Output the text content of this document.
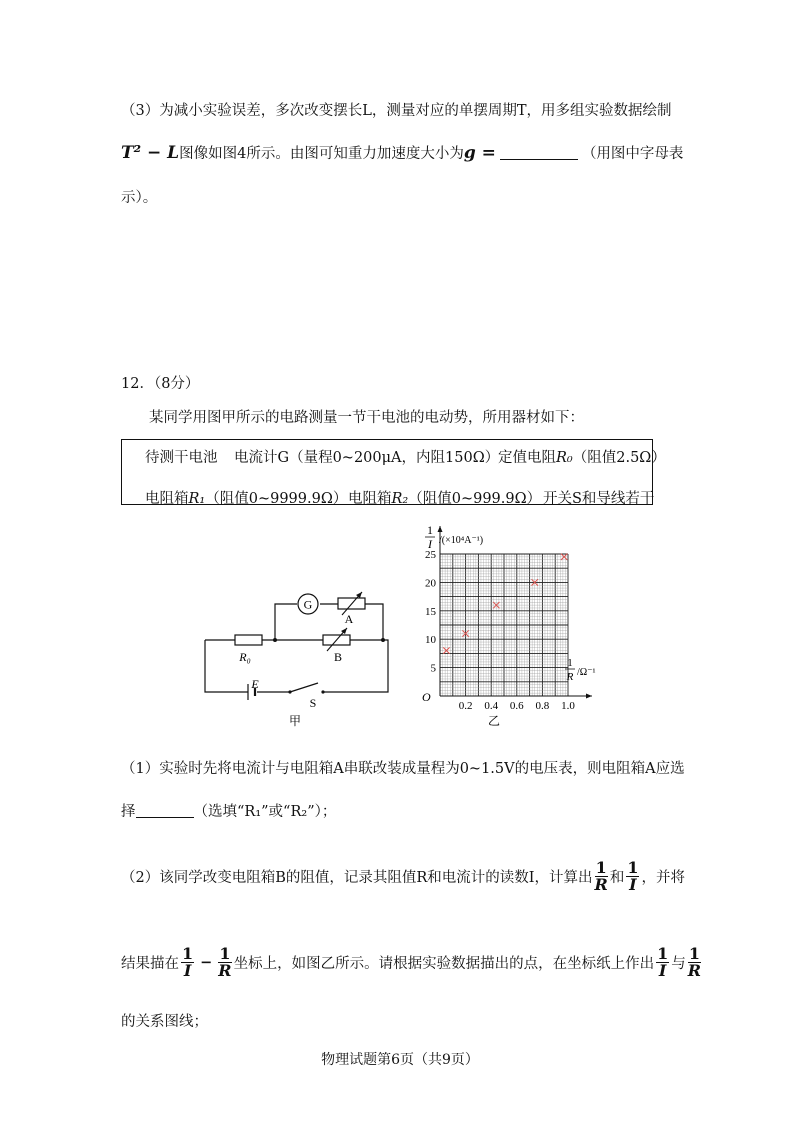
（3）为减小实验误差，多次改变摆长L，测量对应的单摆周期T，用多组实验数据绘制
T² − L图像如图4所示。由图可知重力加速度大小为g =	（用图中字母表
示）。
12．（8分）
某同学用图甲所示的电路测量一节干电池的电动势，所用器材如下：
待测干电池 电流计G（量程0~200μA，内阻150Ω）
定值电阻R₀（阻值2.5Ω）
电阻箱R₁（阻值0~9999.9Ω） 电阻箱R₂（阻值0~999.9Ω） 开关S和导线若干
G
A
R₀	B
E
S
甲
0.2 0.4 0.6 0.8 1.0
5
10
15
20
25
1
I /(×10⁴A⁻¹)
1
R /Ω⁻¹
O
乙
（1）实验时先将电流计与电阻箱A串联改装成量程为0~1.5V的电压表，则电阻箱A应选
择	（选填“R₁”或“R₂”）；
（2）该同学改变电阻箱B的阻值，记录其阻值R和电流计的读数I，计算出 $\frac{1}{R}$ 和 $\frac{1}{I}$ ，并将
结果描在 $\frac{1}{I} - \frac{1}{R}$ 坐标上，如图乙所示。请根据实验数据描出的点，在坐标纸上作出 $\frac{1}{I}$ 与 $\frac{1}{R}$
的关系图线；
物理试题第6页（共9页）
